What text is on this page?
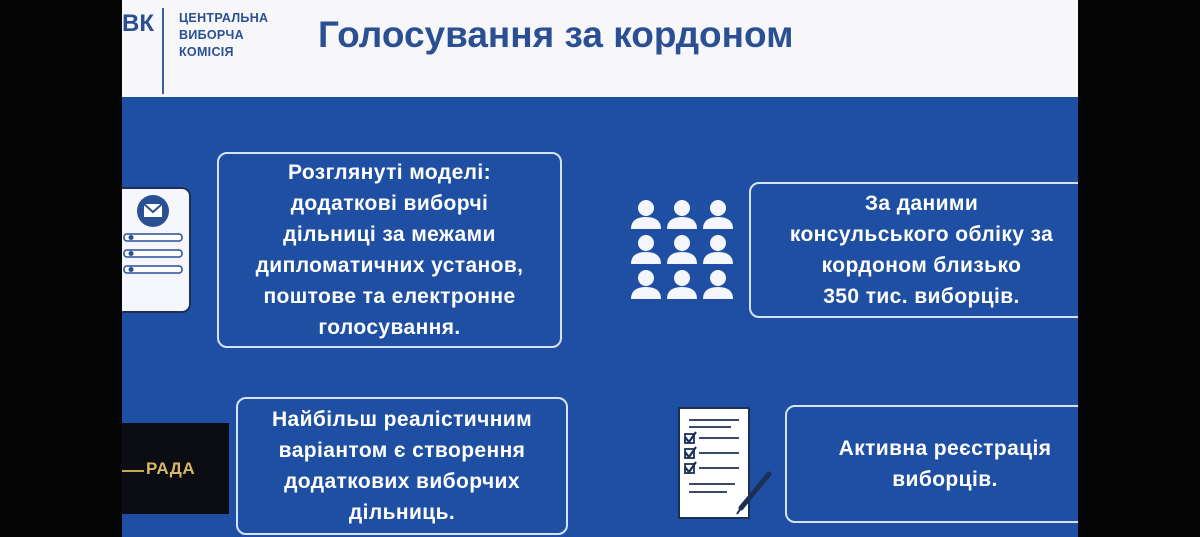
ВК ЦЕНТРАЛЬНА
ВИБОРЧА
КОМІСІЯ	Голосування за кордоном
Розглянуті моделі:
додаткові виборчі
дільниці за межами
дипломатичних установ,
поштове та електронне
голосування.
За даними
консульського обліку за
кордоном близько
350 тис. виборців.
Найбільш реалістичним
варіантом є створення
додаткових виборчих
дільниць.
Активна реєстрація
виборців.
РАДА
